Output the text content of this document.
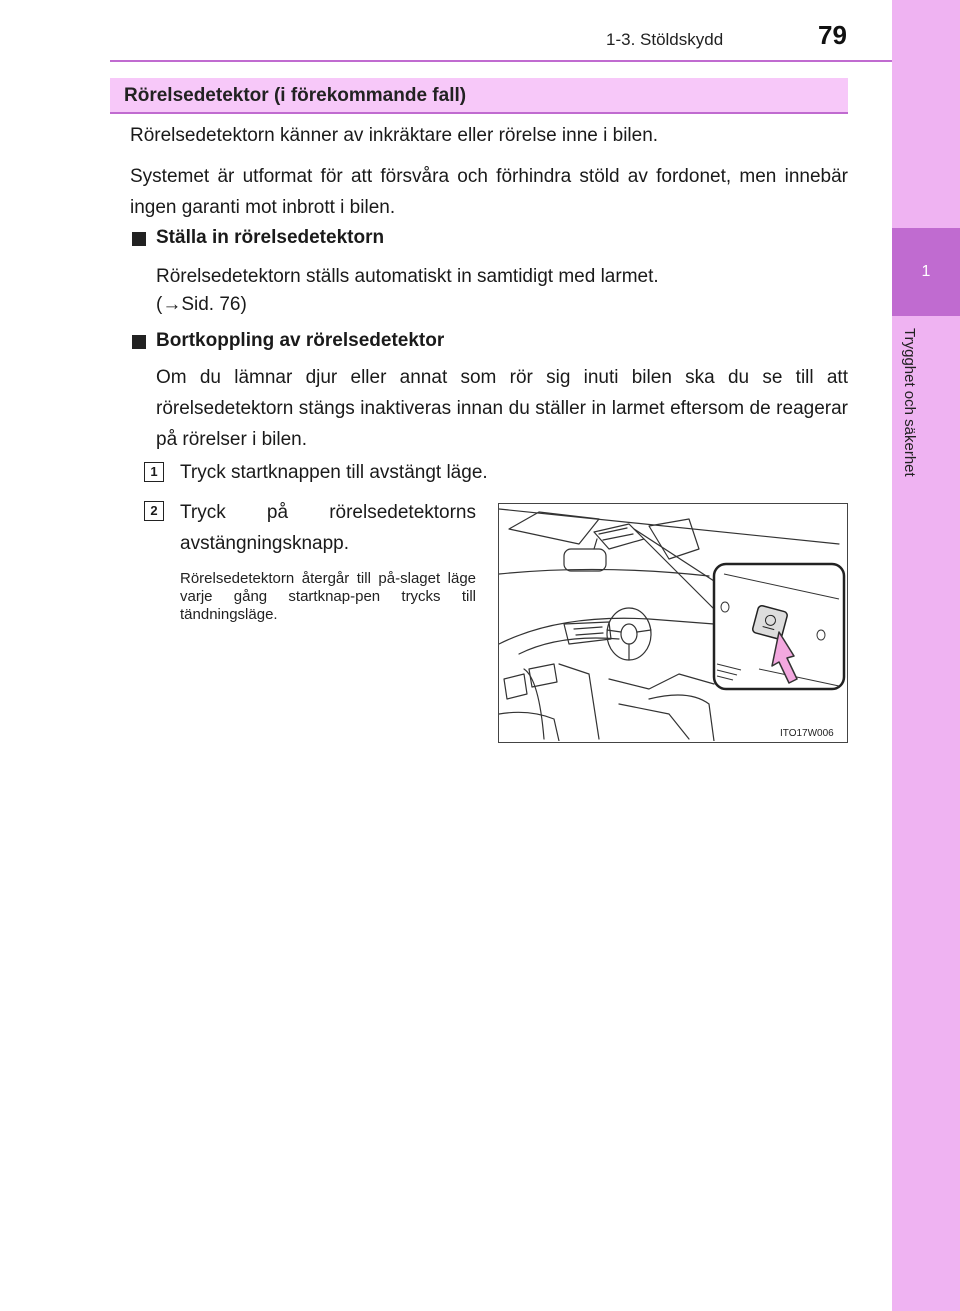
1
Trygghet och säkerhet
1-3. Stöldskydd	79
Rörelsedetektor (i förekommande fall)
Rörelsedetektorn känner av inkräktare eller rörelse inne i bilen.
Systemet är utformat för att försvåra och förhindra stöld av fordonet, men innebär ingen garanti mot inbrott i bilen.
Ställa in rörelsedetektorn
Rörelsedetektorn ställs automatiskt in samtidigt med larmet.
(→Sid. 76)
Bortkoppling av rörelsedetektor
Om du lämnar djur eller annat som rör sig inuti bilen ska du se till att rörelsedetektorn stängs inaktiveras innan du ställer in larmet eftersom de reagerar på rörelser i bilen.
1	Tryck startknappen till avstängt läge.
2	Tryck på rörelsedetektorns avstängningsknapp.
Rörelsedetektorn återgår till på-slaget läge varje gång startknap-pen trycks till tändningsläge.
ITO17W006
